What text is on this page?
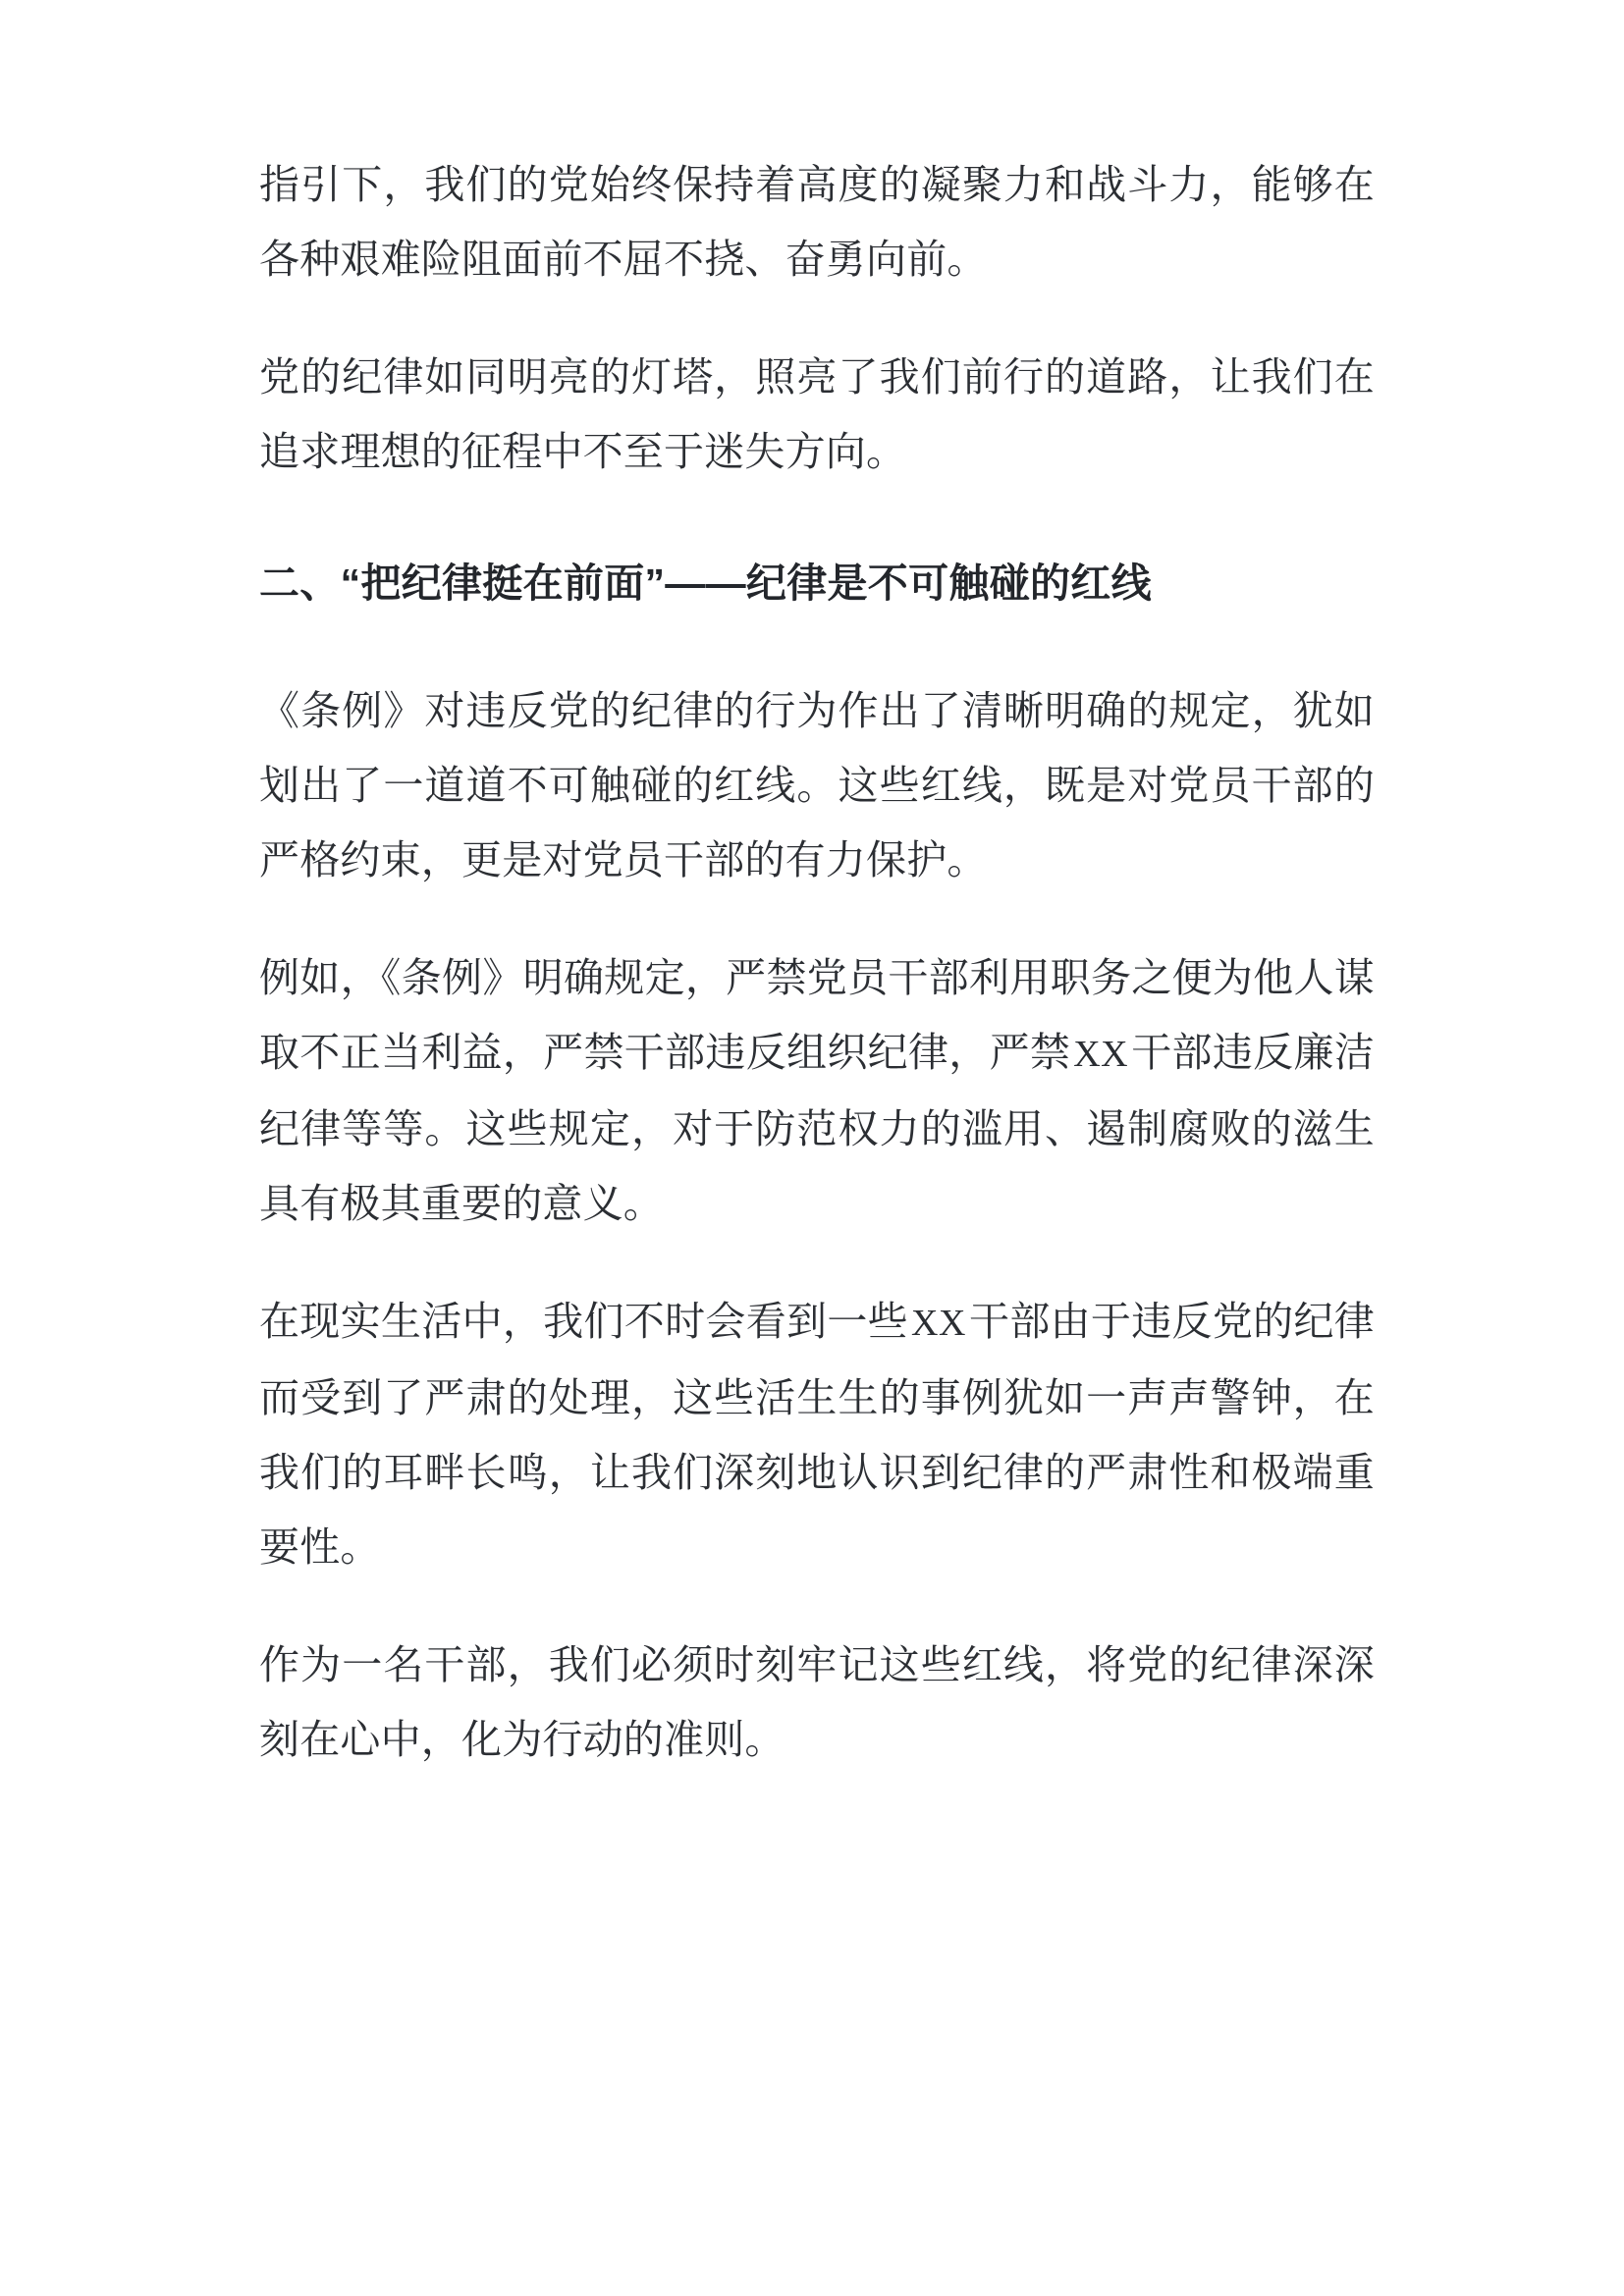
指引下，我们的党始终保持着高度的凝聚力和战斗力，能够在各种艰难险阻面前不屈不挠、奋勇向前。

党的纪律如同明亮的灯塔，照亮了我们前行的道路，让我们在追求理想的征程中不至于迷失方向。

二、“把纪律挺在前面”——纪律是不可触碰的红线

《条例》对违反党的纪律的行为作出了清晰明确的规定，犹如划出了一道道不可触碰的红线。这些红线，既是对党员干部的严格约束，更是对党员干部的有力保护。

例如，《条例》明确规定，严禁党员干部利用职务之便为他人谋取不正当利益，严禁干部违反组织纪律，严禁XX干部违反廉洁纪律等等。这些规定，对于防范权力的滥用、遏制腐败的滋生具有极其重要的意义。

在现实生活中，我们不时会看到一些XX干部由于违反党的纪律而受到了严肃的处理，这些活生生的事例犹如一声声警钟，在我们的耳畔长鸣，让我们深刻地认识到纪律的严肃性和极端重要性。

作为一名干部，我们必须时刻牢记这些红线，将党的纪律深深刻在心中，化为行动的准则。
